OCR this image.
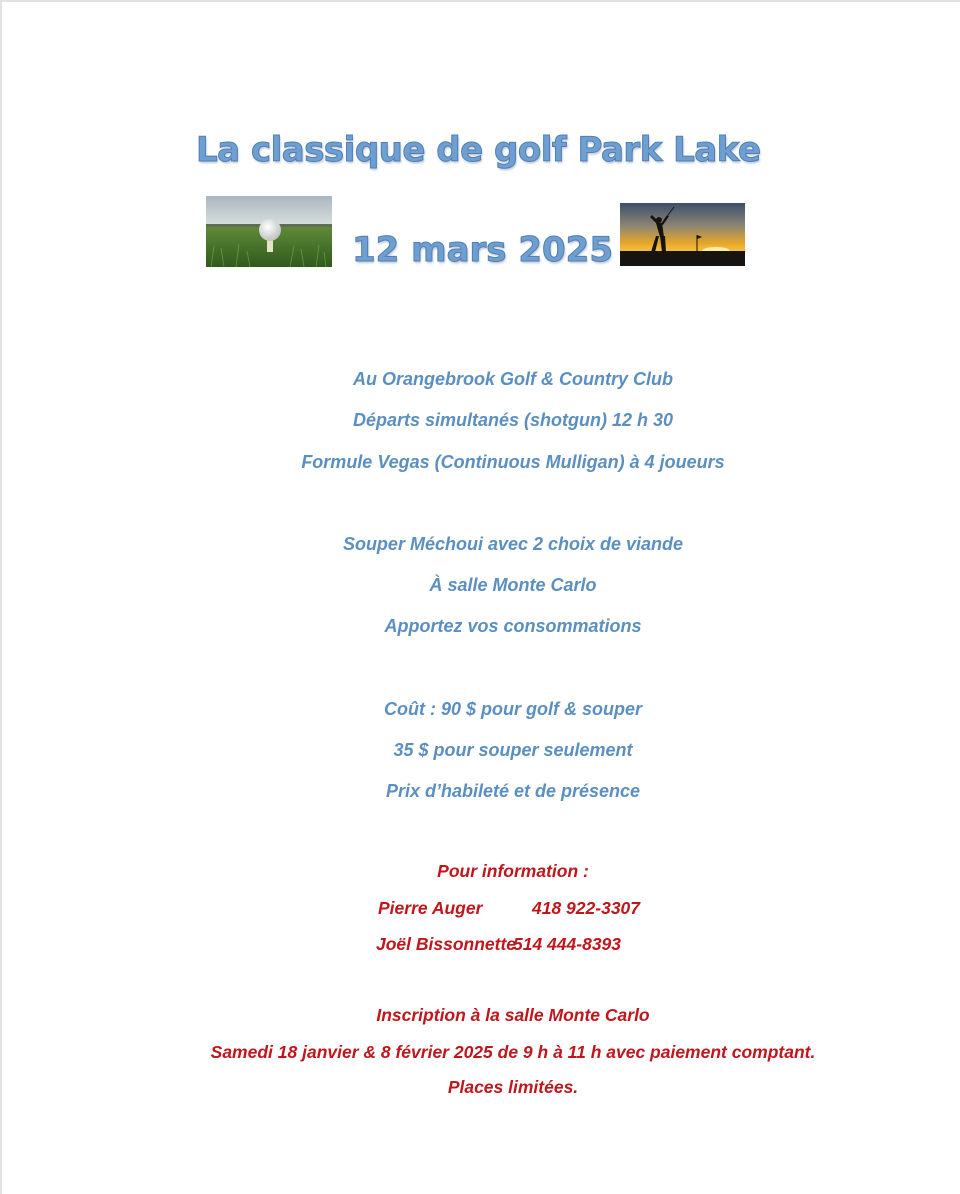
La classique de golf Park Lake
12 mars 2025
Au Orangebrook Golf & Country Club
Départs simultanés (shotgun) 12 h 30
Formule Vegas (Continuous Mulligan) à 4 joueurs
Souper Méchoui avec 2 choix de viande
À salle Monte Carlo
Apportez vos consommations
Coût : 90 $ pour golf & souper
35 $ pour souper seulement
Prix d’habileté et de présence
Pour information :
Pierre Auger	418 922-3307
Joël Bissonnette
514 444-8393
Inscription à la salle Monte Carlo
Samedi 18 janvier & 8 février 2025 de 9 h à 11 h avec paiement comptant.
Places limitées.
